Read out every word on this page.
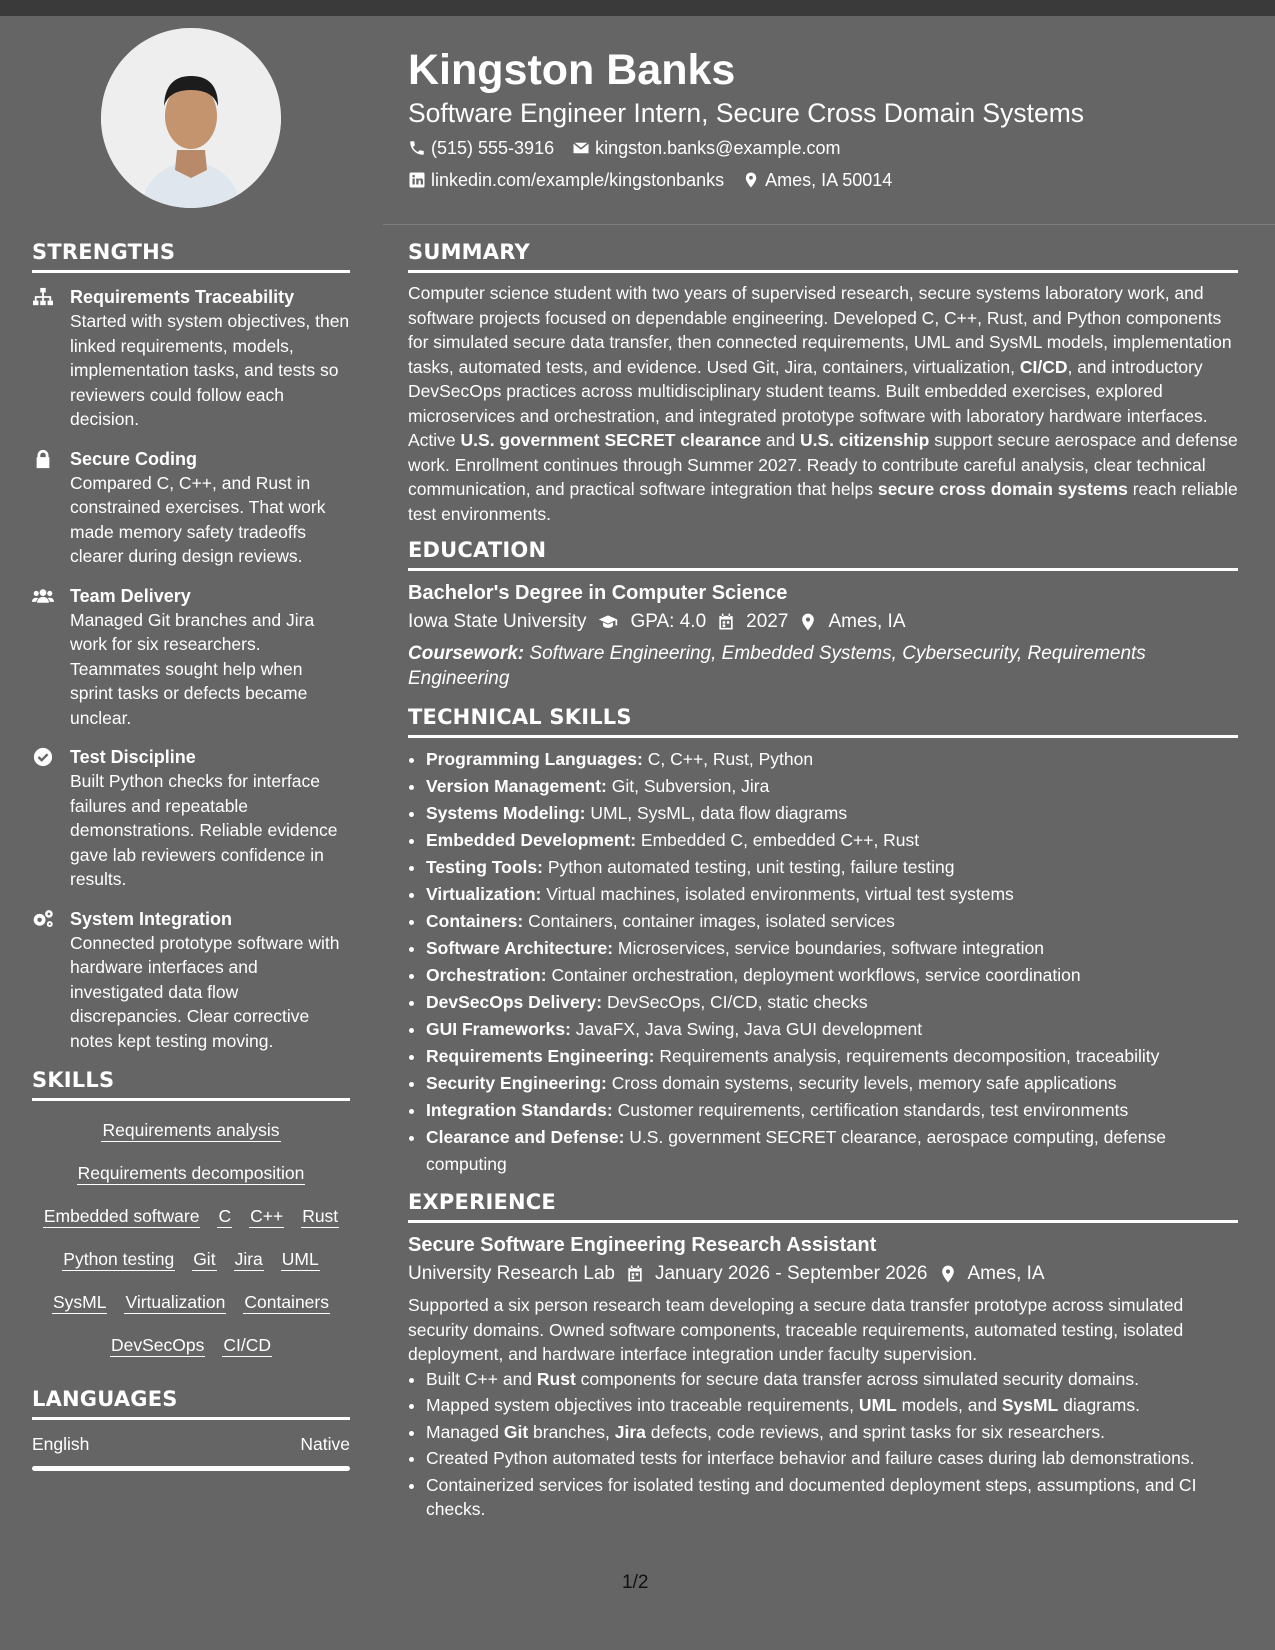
STRENGTHS
Requirements Traceability
Started with system objectives, then linked requirements, models, implementation tasks, and tests so reviewers could follow each decision.
Secure Coding
Compared C, C++, and Rust in constrained exercises. That work made memory safety tradeoffs clearer during design reviews.
Team Delivery
Managed Git branches and Jira work for six researchers. Teammates sought help when sprint tasks or defects became unclear.
Test Discipline
Built Python checks for interface failures and repeatable demonstrations. Reliable evidence gave lab reviewers confidence in results.
System Integration
Connected prototype software with hardware interfaces and investigated data flow discrepancies. Clear corrective notes kept testing moving.
SKILLS
Requirements analysis
Requirements decomposition
Embedded software C C++ Rust
Python testing Git Jira UML
SysML Virtualization Containers
DevSecOps CI/CD
LANGUAGES
English	Native
Kingston Banks
Software Engineer Intern, Secure Cross Domain Systems
(515) 555-3916 kingston.banks@example.com
linkedin.com/example/kingstonbanks Ames, IA 50014
SUMMARY

Computer science student with two years of supervised research, secure systems laboratory work, and software projects focused on dependable engineering. Developed C, C++, Rust, and Python components for simulated secure data transfer, then connected requirements, UML and SysML models, implementation tasks, automated tests, and evidence. Used Git, Jira, containers, virtualization, CI/CD, and introductory DevSecOps practices across multidisciplinary student teams. Built embedded exercises, explored microservices and orchestration, and integrated prototype software with laboratory hardware interfaces. Active U.S. government SECRET clearance and U.S. citizenship support secure aerospace and defense work. Enrollment continues through Summer 2027. Ready to contribute careful analysis, clear technical communication, and practical software integration that helps secure cross domain systems reach reliable test environments.

EDUCATION
Bachelor's Degree in Computer Science
Iowa State University GPA: 4.0 2027 Ames, IA
Coursework: Software Engineering, Embedded Systems, Cybersecurity, Requirements Engineering
TECHNICAL SKILLS
• Programming Languages: C, C++, Rust, Python
• Version Management: Git, Subversion, Jira
• Systems Modeling: UML, SysML, data flow diagrams
• Embedded Development: Embedded C, embedded C++, Rust
• Testing Tools: Python automated testing, unit testing, failure testing
• Virtualization: Virtual machines, isolated environments, virtual test systems
• Containers: Containers, container images, isolated services
• Software Architecture: Microservices, service boundaries, software integration
• Orchestration: Container orchestration, deployment workflows, service coordination
• DevSecOps Delivery: DevSecOps, CI/CD, static checks
• GUI Frameworks: JavaFX, Java Swing, Java GUI development
• Requirements Engineering: Requirements analysis, requirements decomposition, traceability
• Security Engineering: Cross domain systems, security levels, memory safe applications
• Integration Standards: Customer requirements, certification standards, test environments
• Clearance and Defense: U.S. government SECRET clearance, aerospace computing, defense computing
EXPERIENCE
Secure Software Engineering Research Assistant
University Research Lab January 2026 - September 2026 Ames, IA

Supported a six person research team developing a secure data transfer prototype across simulated security domains. Owned software components, traceable requirements, automated testing, isolated deployment, and hardware interface integration under faculty supervision.

• Built C++ and Rust components for secure data transfer across simulated security domains.
• Mapped system objectives into traceable requirements, UML models, and SysML diagrams.
• Managed Git branches, Jira defects, code reviews, and sprint tasks for six researchers.
• Created Python automated tests for interface behavior and failure cases during lab demonstrations.
• Containerized services for isolated testing and documented deployment steps, assumptions, and CI checks.
1/2
